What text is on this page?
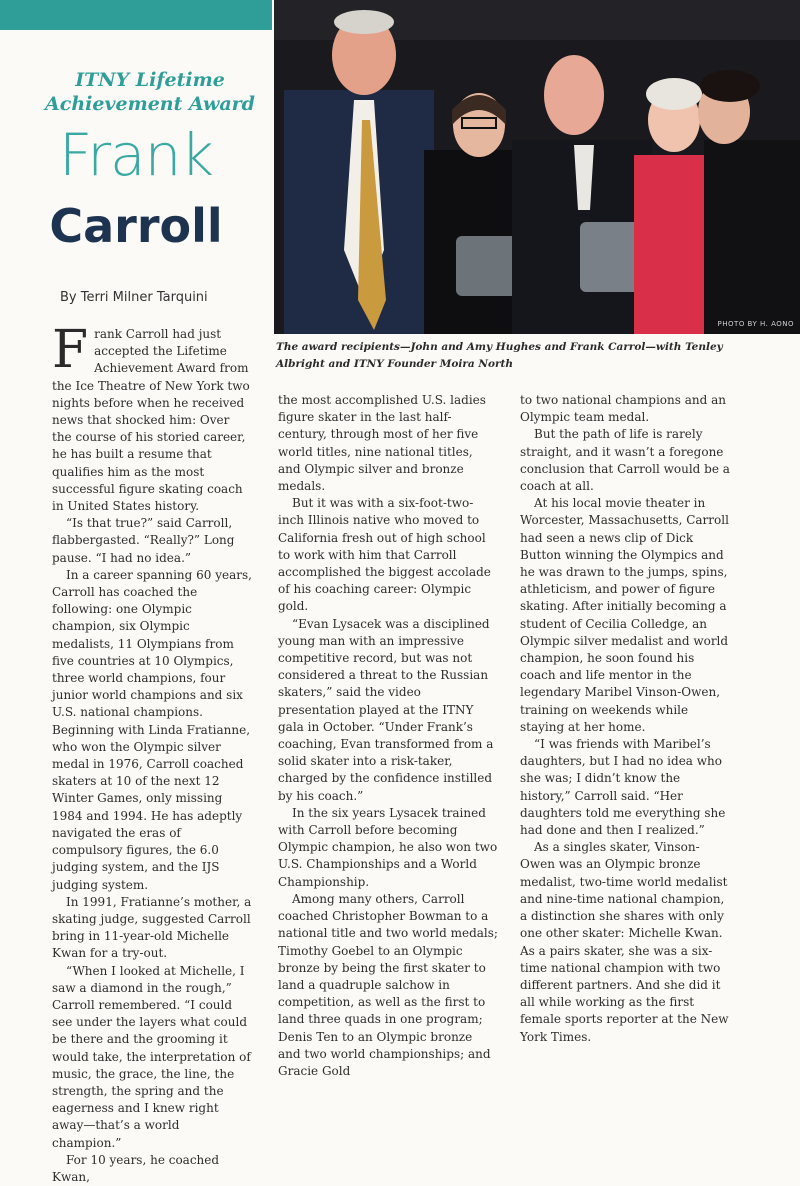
PHOTO BY H. AONO
ITNY Lifetime
Achievement Award
Frank
Carroll
By Terri Milner Tarquini
The award recipients—John and Amy Hughes and Frank Carrol—with Tenley Albright and ITNY Founder Moira North

Frank Carroll had just accepted the Lifetime Achievement Award from the Ice Theatre of New York two nights before when he received news that shocked him: Over the course of his storied career, he has built a resume that qualifies him as the most successful figure skating coach in United States history.

“Is that true?” said Carroll, flabbergasted. “Really?” Long pause. “I had no idea.”

In a career spanning 60 years, Carroll has coached the following: one Olympic champion, six Olympic medalists, 11 Olympians from five countries at 10 Olympics, three world champions, four junior world champions and six U.S. national champions. Beginning with Linda Fratianne, who won the Olympic silver medal in 1976, Carroll coached skaters at 10 of the next 12 Winter Games, only missing 1984 and 1994. He has adeptly navigated the eras of compulsory figures, the 6.0 judging system, and the IJS judging system.

In 1991, Fratianne’s mother, a skating judge, suggested Carroll bring in 11-year-old Michelle Kwan for a try-out.

“When I looked at Michelle, I saw a diamond in the rough,” Carroll remembered. “I could see under the layers what could be there and the grooming it would take, the interpretation of music, the grace, the line, the strength, the spring and the eagerness and I knew right away—that’s a world champion.”

For 10 years, he coached Kwan,

the most accomplished U.S. ladies figure skater in the last half-century, through most of her five world titles, nine national titles, and Olympic silver and bronze medals.

But it was with a six-foot-two-inch Illinois native who moved to California fresh out of high school to work with him that Carroll accomplished the biggest accolade of his coaching career: Olympic gold.

“Evan Lysacek was a disciplined young man with an impressive competitive record, but was not considered a threat to the Russian skaters,” said the video presentation played at the ITNY gala in October. “Under Frank’s coaching, Evan transformed from a solid skater into a risk-taker, charged by the confidence instilled by his coach.”

In the six years Lysacek trained with Carroll before becoming Olympic champion, he also won two U.S. Championships and a World Championship.

Among many others, Carroll coached Christopher Bowman to a national title and two world medals; Timothy Goebel to an Olympic bronze by being the first skater to land a quadruple salchow in competition, as well as the first to land three quads in one program; Denis Ten to an Olympic bronze and two world championships; and Gracie Gold

to two national champions and an Olympic team medal.

But the path of life is rarely straight, and it wasn’t a foregone conclusion that Carroll would be a coach at all.

At his local movie theater in Worcester, Massachusetts, Carroll had seen a news clip of Dick Button winning the Olympics and he was drawn to the jumps, spins, athleticism, and power of figure skating. After initially becoming a student of Cecilia Colledge, an Olympic silver medalist and world champion, he soon found his coach and life mentor in the legendary Maribel Vinson-Owen, training on weekends while staying at her home.

“I was friends with Maribel’s daughters, but I had no idea who she was; I didn’t know the history,” Carroll said. “Her daughters told me everything she had done and then I realized.”

As a singles skater, Vinson-Owen was an Olympic bronze medalist, two-time world medalist and nine-time national champion, a distinction she shares with only one other skater: Michelle Kwan. As a pairs skater, she was a six-time national champion with two different partners. And she did it all while working as the first female sports reporter at the New York Times.
